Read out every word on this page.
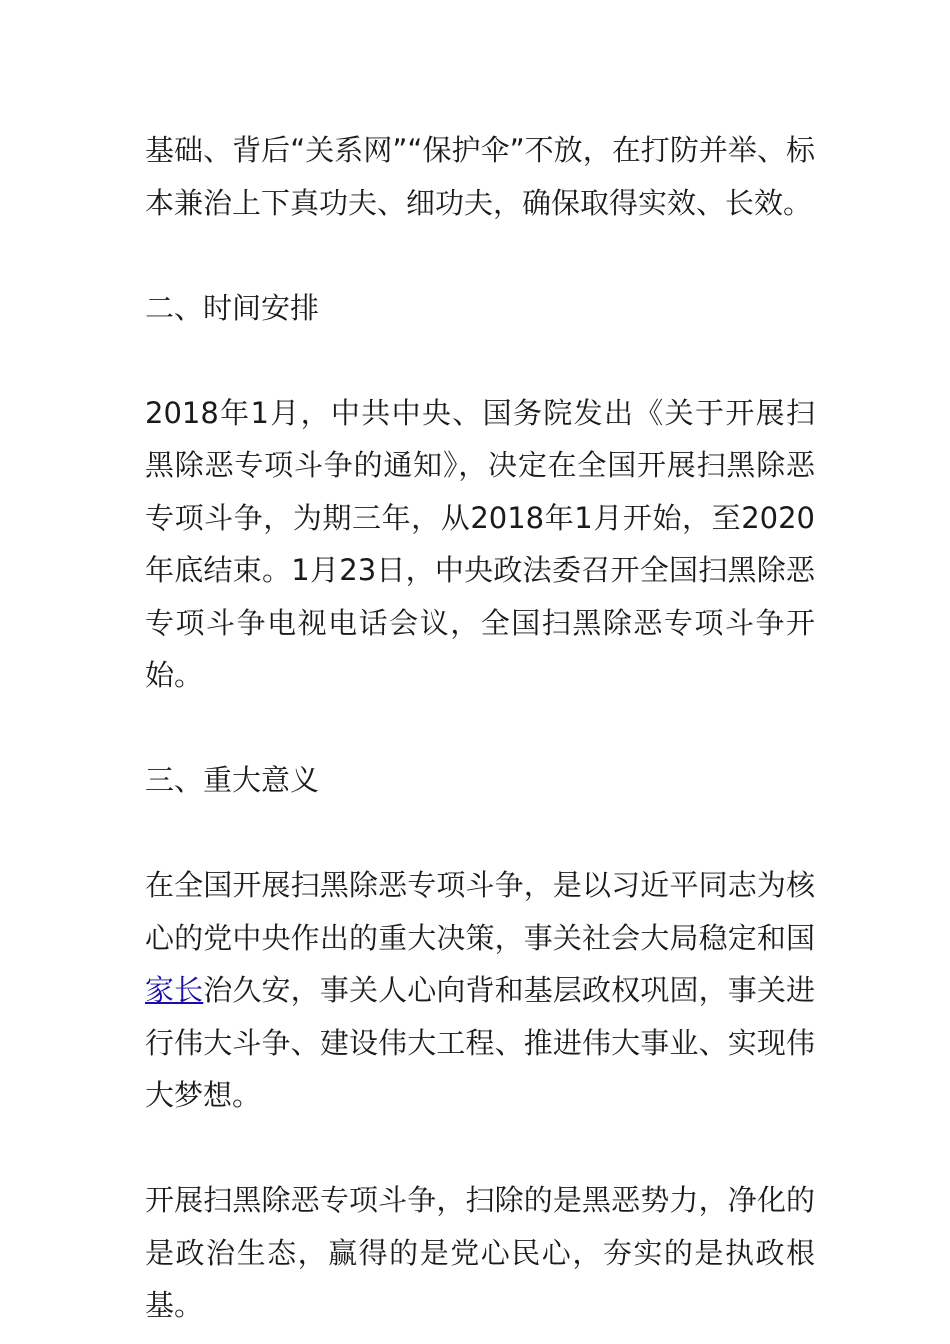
基础、背后“关系网”“保护伞”不放，在打防并举、标本兼治上下真功夫、细功夫，确保取得实效、长效。

二、时间安排

2018年1月，中共中央、国务院发出《关于开展扫黑除恶专项斗争的通知》，决定在全国开展扫黑除恶专项斗争，为期三年，从2018年1月开始，至2020年底结束。1月23日，中央政法委召开全国扫黑除恶专项斗争电视电话会议，全国扫黑除恶专项斗争开始。

三、重大意义

在全国开展扫黑除恶专项斗争，是以习近平同志为核心的党中央作出的重大决策，事关社会大局稳定和国家长治久安，事关人心向背和基层政权巩固，事关进行伟大斗争、建设伟大工程、推进伟大事业、实现伟大梦想。

开展扫黑除恶专项斗争，扫除的是黑恶势力，净化的是政治生态，赢得的是党心民心，夯实的是执政根基。
